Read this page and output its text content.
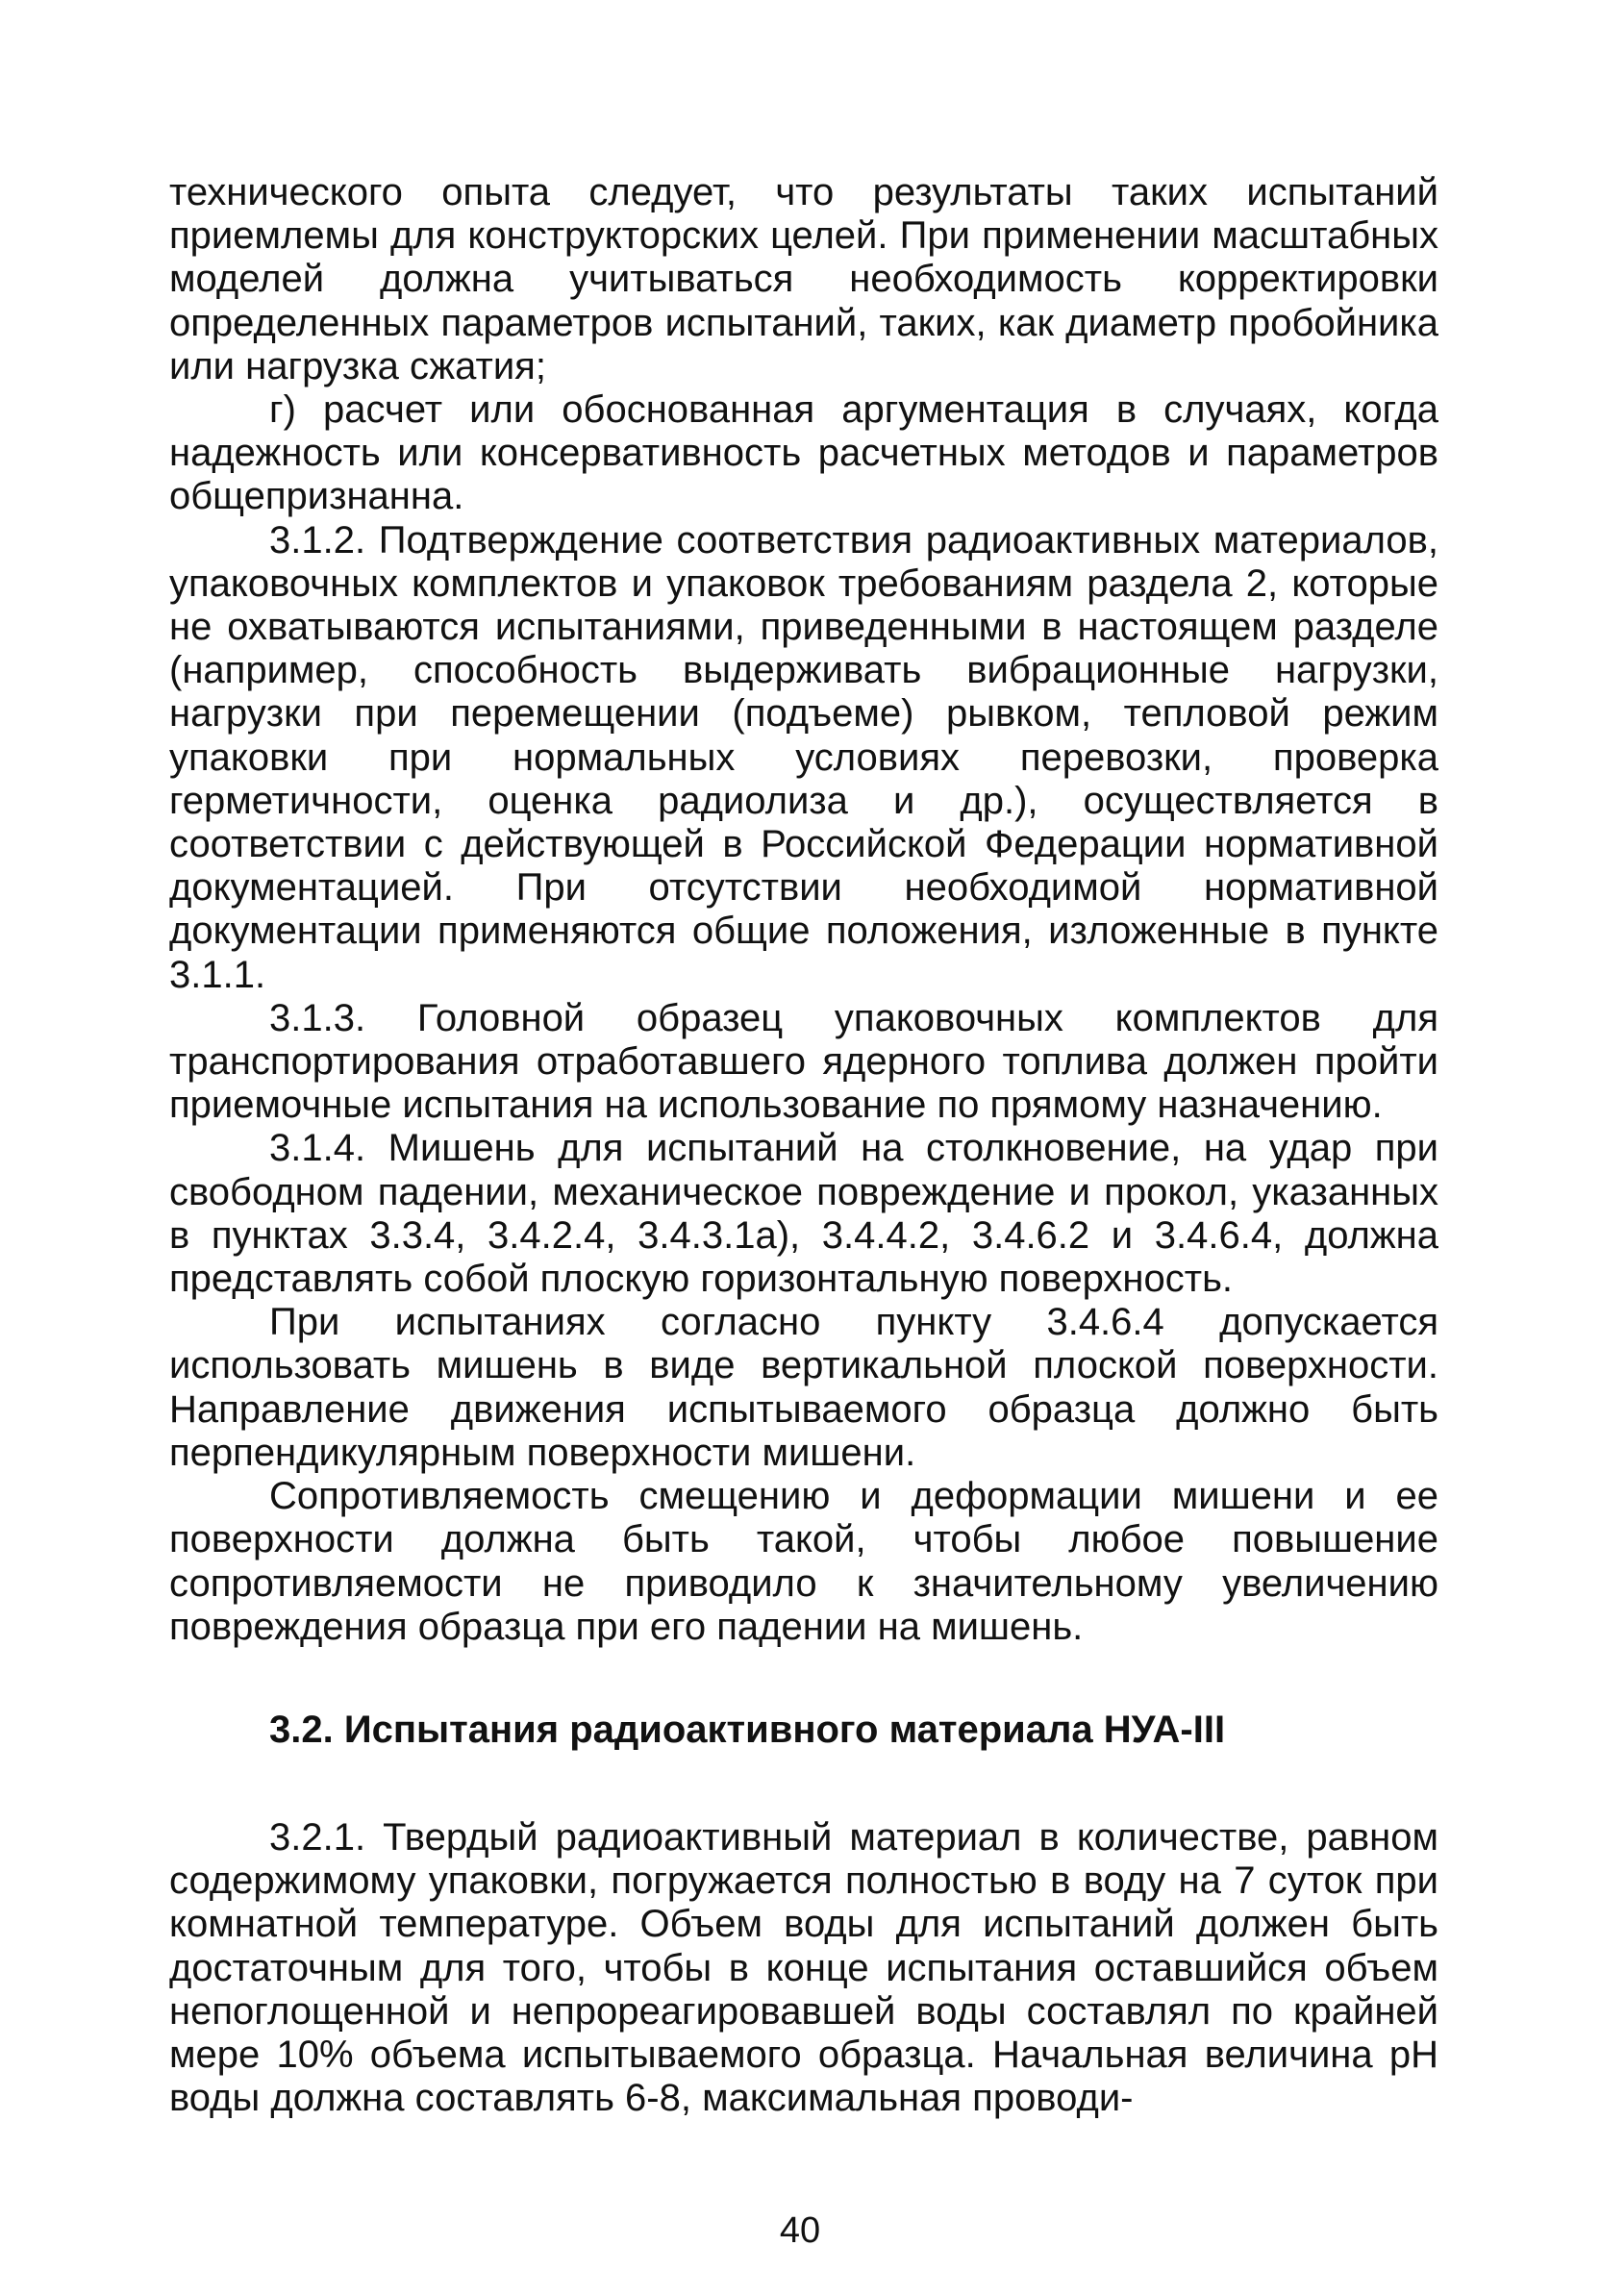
технического опыта следует, что результаты таких испытаний приемлемы для конструкторских целей. При применении масштабных моделей должна учитываться необходимость корректировки определенных параметров испытаний, таких, как диаметр пробойника или нагрузка сжатия;

г) расчет или обоснованная аргументация в случаях, когда надежность или консервативность расчетных методов и параметров общепризнанна.

3.1.2. Подтверждение соответствия радиоактивных материалов, упаковочных комплектов и упаковок требованиям раздела 2, которые не охватываются испытаниями, приведенными в настоящем разделе (например, способность выдерживать вибрационные нагрузки, нагрузки при перемещении (подъеме) рывком, тепловой режим упаковки при нормальных условиях перевозки, проверка герметичности, оценка радиолиза и др.), осуществляется в соответствии с действующей в Российской Федерации нормативной документацией. При отсутствии необходимой нормативной документации применяются общие положения, изложенные в пункте 3.1.1.

3.1.3. Головной образец упаковочных комплектов для транспортирования отработавшего ядерного топлива должен пройти приемочные испытания на использование по прямому назначению.

3.1.4. Мишень для испытаний на столкновение, на удар при свободном падении, механическое повреждение и прокол, указанных в пунктах 3.3.4, 3.4.2.4, 3.4.3.1а), 3.4.4.2, 3.4.6.2 и 3.4.6.4, должна представлять собой плоскую горизонтальную поверхность.

При испытаниях согласно пункту 3.4.6.4 допускается использовать мишень в виде вертикальной плоской поверхности. Направление движения испытываемого образца должно быть перпендикулярным поверхности мишени.

Сопротивляемость смещению и деформации мишени и ее поверхности должна быть такой, чтобы любое повышение сопротивляемости не приводило к значительному увеличению повреждения образца при его падении на мишень.

3.2. Испытания радиоактивного материала НУА-III

3.2.1. Твердый радиоактивный материал в количестве, равном содержимому упаковки, погружается полностью в воду на 7 суток при комнатной температуре. Объем воды для испытаний должен быть достаточным для того, чтобы в конце испытания оставшийся объем непоглощенной и непрореагировавшей воды составлял по крайней мере 10% объема испытываемого образца. Начальная величина pH воды должна составлять 6-8, максимальная проводи-

40
